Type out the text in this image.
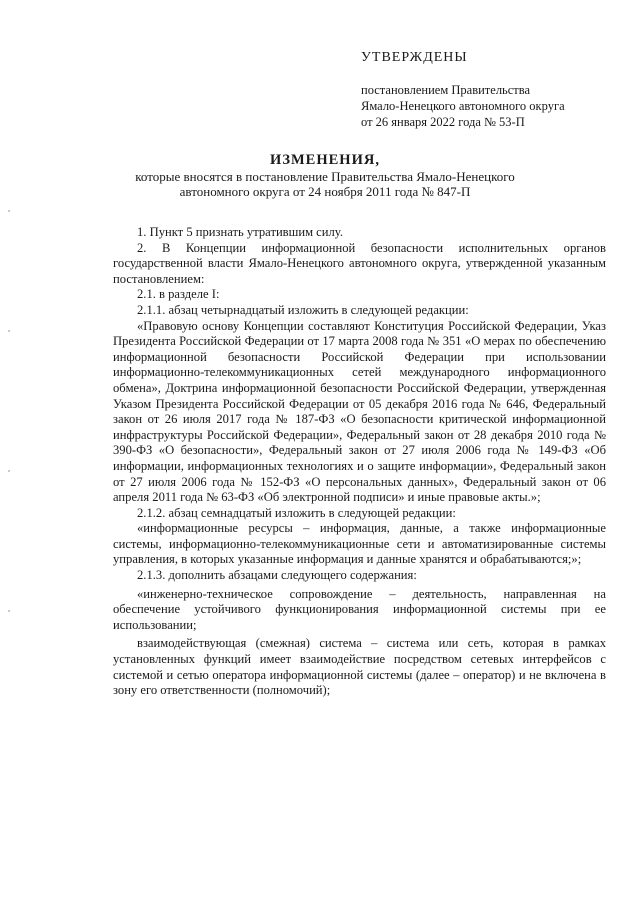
УТВЕРЖДЕНЫ
постановлением Правительства
Ямало-Ненецкого автономного округа
от 26 января 2022 года № 53-П
ИЗМЕНЕНИЯ,
которые вносятся в постановление Правительства Ямало-Ненецкого
автономного округа от 24 ноября 2011 года № 847-П

1. Пункт 5 признать утратившим силу.

2. В Концепции информационной безопасности исполнительных органов государственной власти Ямало-Ненецкого автономного округа, утвержденной указанным постановлением:

2.1. в разделе I:

2.1.1. абзац четырнадцатый изложить в следующей редакции:

«Правовую основу Концепции составляют Конституция Российской Федерации, Указ Президента Российской Федерации от 17 марта 2008 года № 351 «О мерах по обеспечению информационной безопасности Российской Федерации при использовании информационно-телекоммуникационных сетей международного информационного обмена», Доктрина информационной безопасности Российской Федерации, утвержденная Указом Президента Российской Федерации от 05 декабря 2016 года № 646, Федеральный закон от 26 июля 2017 года № 187-ФЗ «О безопасности критической информационной инфраструктуры Российской Федерации», Федеральный закон от 28 декабря 2010 года № 390-ФЗ «О безопасности», Федеральный закон от 27 июля 2006 года № 149-ФЗ «Об информации, информационных технологиях и о защите информации», Федеральный закон от 27 июля 2006 года № 152-ФЗ «О персональных данных», Федеральный закон от 06 апреля 2011 года № 63-ФЗ «Об электронной подписи» и иные правовые акты.»;

2.1.2. абзац семнадцатый изложить в следующей редакции:

«информационные ресурсы – информация, данные, а также информационные системы, информационно-телекоммуникационные сети и автоматизированные системы управления, в которых указанные информация и данные хранятся и обрабатываются;»;

2.1.3. дополнить абзацами следующего содержания:

«инженерно-техническое сопровождение – деятельность, направленная на обеспечение устойчивого функционирования информационной системы при ее использовании;

взаимодействующая (смежная) система – система или сеть, которая в рамках установленных функций имеет взаимодействие посредством сетевых интерфейсов с системой и сетью оператора информационной системы (далее – оператор) и не включена в зону его ответственности (полномочий);
